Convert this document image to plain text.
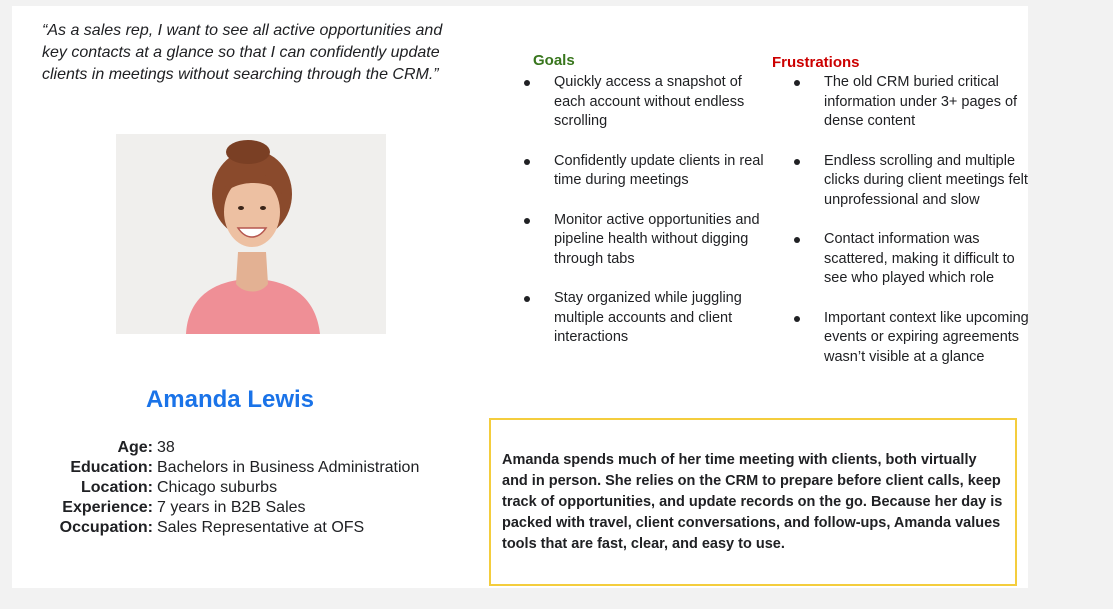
“As a sales rep, I want to see all active opportunities and key contacts at a glance so that I can confidently update clients in meetings without searching through the CRM.”

Amanda Lewis
Age: 38
Education: Bachelors in Business Administration
Location: Chicago suburbs
Experience: 7 years in B2B Sales
Occupation: Sales Representative at OFS
Goals
Quickly access a snapshot of each account without endless scrolling
Confidently update clients in real time during meetings
Monitor active opportunities and pipeline health without digging through tabs
Stay organized while juggling multiple accounts and client interactions
Frustrations
The old CRM buried critical information under 3+ pages of dense content
Endless scrolling and multiple clicks during client meetings felt unprofessional and slow
Contact information was scattered, making it difficult to see who played which role
Important context like upcoming events or expiring agreements wasn’t visible at a glance
Amanda spends much of her time meeting with clients, both virtually and in person. She relies on the CRM to prepare before client calls, keep track of opportunities, and update records on the go. Because her day is packed with travel, client conversations, and follow-ups, Amanda values tools that are fast, clear, and easy to use.
